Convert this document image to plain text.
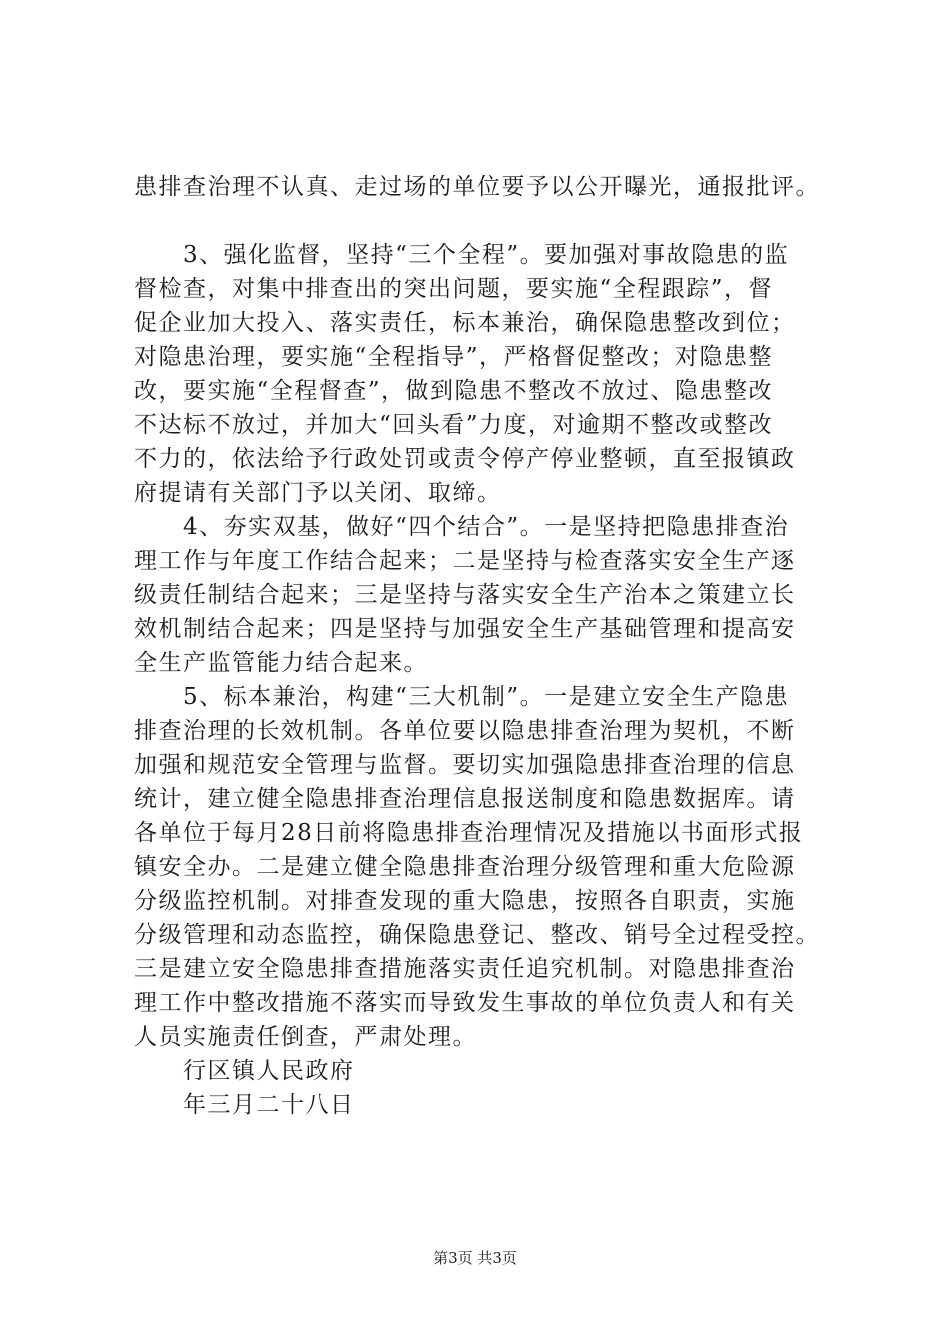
患排查治理不认真、走过场的单位要予以公开曝光，通报批评。
　　3、强化监督，坚持“三个全程”。要加强对事故隐患的监
督检查，对集中排查出的突出问题，要实施“全程跟踪”，督
促企业加大投入、落实责任，标本兼治，确保隐患整改到位；
对隐患治理，要实施“全程指导”，严格督促整改；对隐患整
改，要实施“全程督查”，做到隐患不整改不放过、隐患整改
不达标不放过，并加大“回头看”力度，对逾期不整改或整改
不力的，依法给予行政处罚或责令停产停业整顿，直至报镇政
府提请有关部门予以关闭、取缔。
　　4、夯实双基，做好“四个结合”。一是坚持把隐患排查治
理工作与年度工作结合起来；二是坚持与检查落实安全生产逐
级责任制结合起来；三是坚持与落实安全生产治本之策建立长
效机制结合起来；四是坚持与加强安全生产基础管理和提高安
全生产监管能力结合起来。
　　5、标本兼治，构建“三大机制”。一是建立安全生产隐患
排查治理的长效机制。各单位要以隐患排查治理为契机，不断
加强和规范安全管理与监督。要切实加强隐患排查治理的信息
统计，建立健全隐患排查治理信息报送制度和隐患数据库。请
各单位于每月28日前将隐患排查治理情况及措施以书面形式报
镇安全办。二是建立健全隐患排查治理分级管理和重大危险源
分级监控机制。对排查发现的重大隐患，按照各自职责，实施
分级管理和动态监控，确保隐患登记、整改、销号全过程受控。
三是建立安全隐患排查措施落实责任追究机制。对隐患排查治
理工作中整改措施不落实而导致发生事故的单位负责人和有关
人员实施责任倒查，严肃处理。
　　行区镇人民政府
　　年三月二十八日
第3页 共3页
